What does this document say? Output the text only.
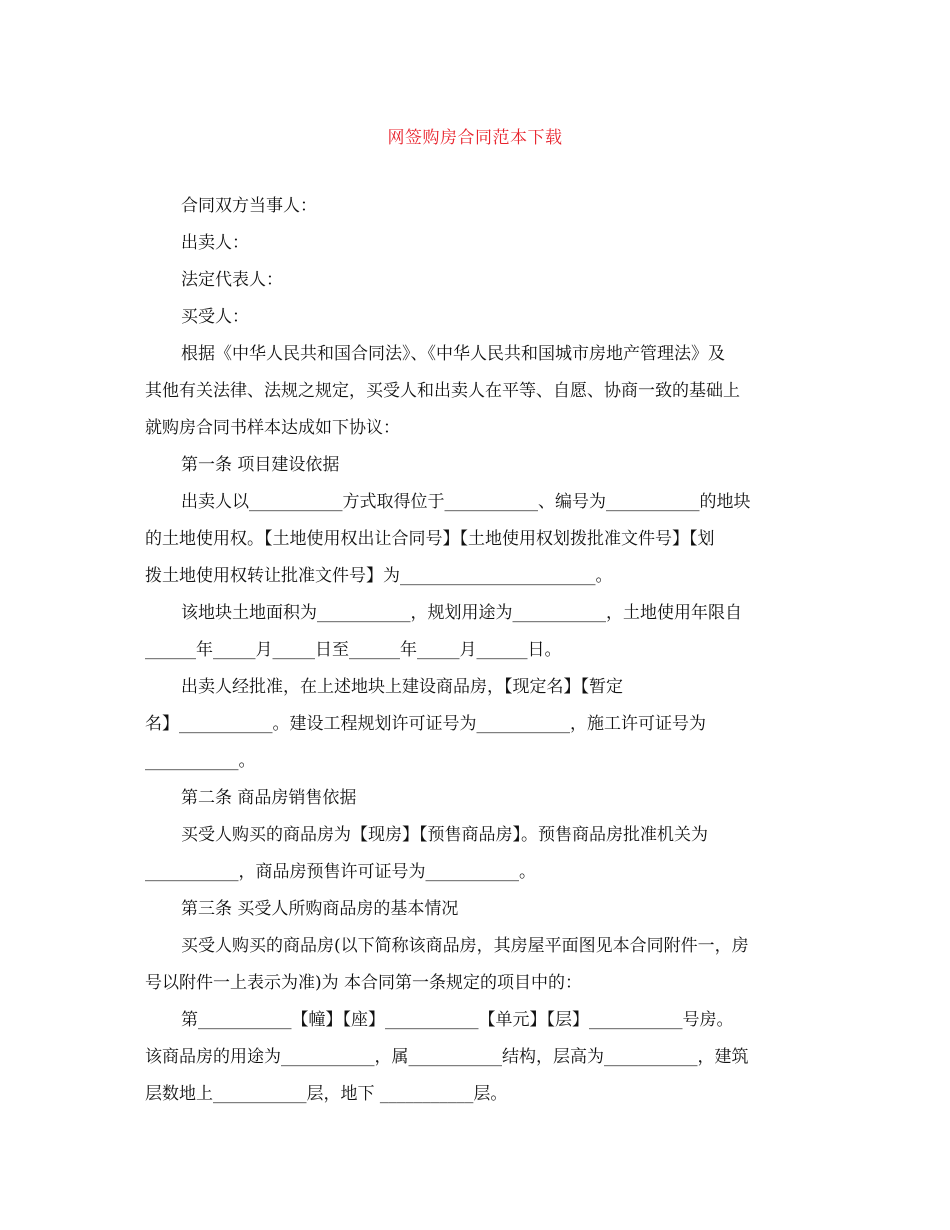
网签购房合同范本下载
合同双方当事人：
出卖人：
法定代表人：
买受人：
根据《中华人民共和国合同法》、《中华人民共和国城市房地产管理法》及
其他有关法律、法规之规定，买受人和出卖人在平等、自愿、协商一致的基础上
就购房合同书样本达成如下协议：
第一条 项目建设依据
出卖人以___________方式取得位于___________、编号为___________的地块
的土地使用权。【土地使用权出让合同号】【土地使用权划拨批准文件号】【划
拨土地使用权转让批准文件号】为_______________________。
该地块土地面积为___________，规划用途为___________，土地使用年限自
______年_____月_____日至______年_____月______日。
出卖人经批准，在上述地块上建设商品房，【现定名】【暂定
名】___________。建设工程规划许可证号为___________，施工许可证号为
___________。
第二条 商品房销售依据
买受人购买的商品房为【现房】【预售商品房】。预售商品房批准机关为
___________，商品房预售许可证号为___________。
第三条 买受人所购商品房的基本情况
买受人购买的商品房(以下简称该商品房，其房屋平面图见本合同附件一，房
号以附件一上表示为准)为 本合同第一条规定的项目中的：
第___________【幢】【座】___________【单元】【层】___________号房。
该商品房的用途为___________，属___________结构，层高为___________，建筑
层数地上___________层，地下 ___________层。
